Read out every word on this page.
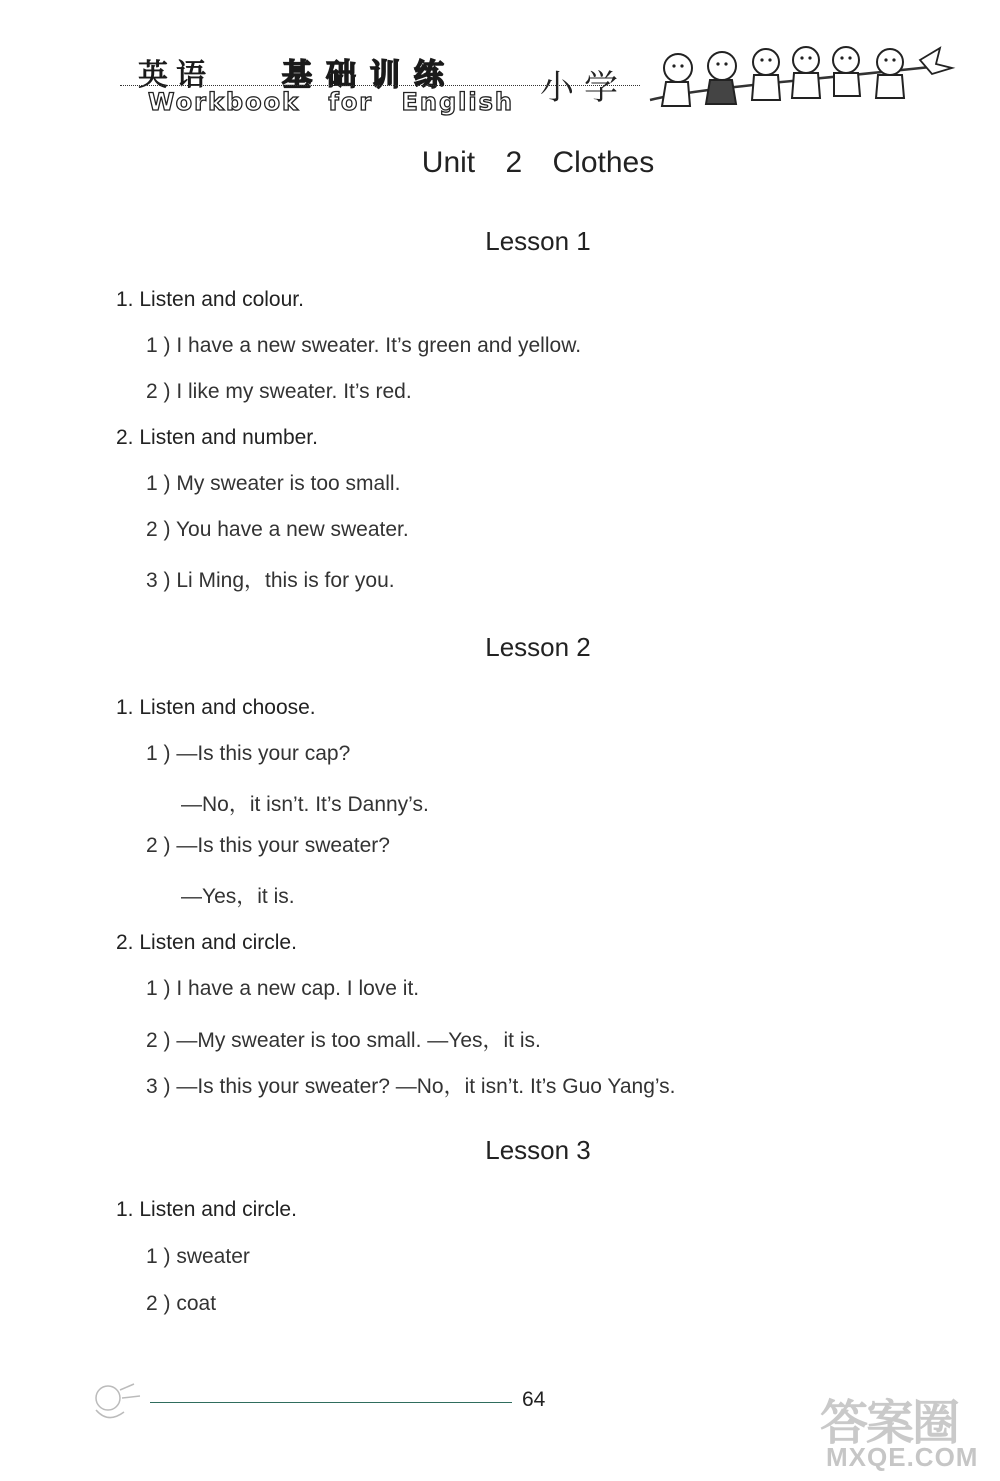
英语 基础训练 小学
Workbook for English
Unit 2 Clothes
Lesson 1
1. Listen and colour.
1 ) I have a new sweater. It’s green and yellow.
2 ) I like my sweater. It’s red.
2. Listen and number.
1 ) My sweater is too small.
2 ) You have a new sweater.
3 ) Li Ming，this is for you.
Lesson 2
1. Listen and choose.
1 ) —Is this your cap?
—No，it isn’t. It’s Danny’s.
2 ) —Is this your sweater?
—Yes，it is.
2. Listen and circle.
1 ) I have a new cap. I love it.
2 ) —My sweater is too small. —Yes，it is.
3 ) —Is this your sweater? —No，it isn’t. It’s Guo Yang’s.
Lesson 3
1. Listen and circle.
1 ) sweater
2 ) coat
64	答案圈
MXQE.COM
